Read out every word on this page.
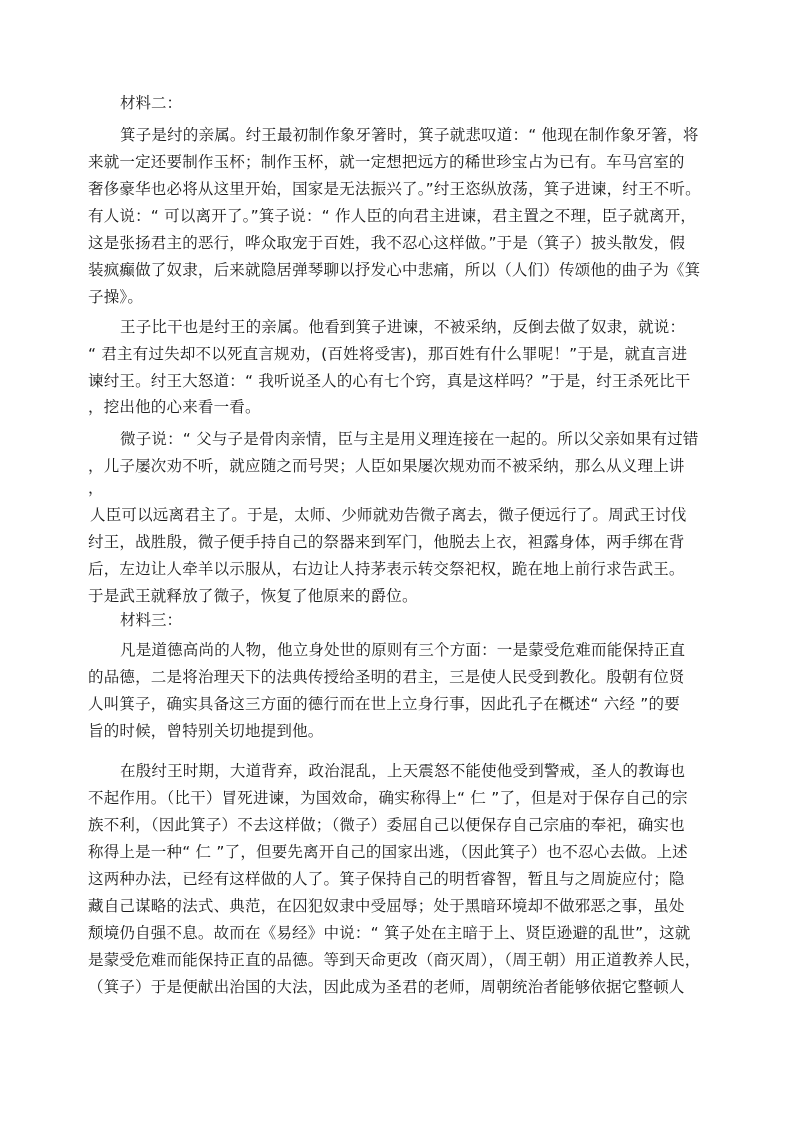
材料二：
箕子是纣的亲属。纣王最初制作象牙箸时，箕子就悲叹道：“ 他现在制作象牙箸，将
来就一定还要制作玉杯；制作玉杯，就一定想把远方的稀世珍宝占为已有。车马宫室的
奢侈豪华也必将从这里开始，国家是无法振兴了。”纣王恣纵放荡，箕子进谏，纣王不听。
有人说：“ 可以离开了。”箕子说：“ 作人臣的向君主进谏，君主置之不理，臣子就离开，
这是张扬君主的恶行，哗众取宠于百姓，我不忍心这样做。”于是（箕子）披头散发，假
装疯癫做了奴隶，后来就隐居弹琴聊以抒发心中悲痛，所以（人们）传颂他的曲子为《箕
子操》。
王子比干也是纣王的亲属。他看到箕子进谏，不被采纳，反倒去做了奴隶，就说：
“ 君主有过失却不以死直言规劝，(百姓将受害)，那百姓有什么罪呢！”于是，就直言进
谏纣王。纣王大怒道：“ 我听说圣人的心有七个窍，真是这样吗？”于是，纣王杀死比干
，挖出他的心来看一看。
微子说：“ 父与子是骨肉亲情，臣与主是用义理连接在一起的。所以父亲如果有过错
，儿子屡次劝不听，就应随之而号哭；人臣如果屡次规劝而不被采纳，那么从义理上讲
，
人臣可以远离君主了。于是，太师、少师就劝告微子离去，微子便远行了。周武王讨伐
纣王，战胜殷，微子便手持自己的祭器来到军门，他脱去上衣，袒露身体，两手绑在背
后，左边让人牵羊以示服从，右边让人持茅表示转交祭祀权，跪在地上前行求告武王。
于是武王就释放了微子，恢复了他原来的爵位。
材料三：
凡是道德高尚的人物，他立身处世的原则有三个方面：一是蒙受危难而能保持正直
的品德，二是将治理天下的法典传授给圣明的君主，三是使人民受到教化。殷朝有位贤
人叫箕子，确实具备这三方面的德行而在世上立身行事，因此孔子在概述“ 六经 ”的要
旨的时候，曾特别关切地提到他。
在殷纣王时期，大道背弃，政治混乱，上天震怒不能使他受到警戒，圣人的教诲也
不起作用。（比干）冒死进谏，为国效命，确实称得上“ 仁 ”了，但是对于保存自己的宗
族不利，（因此箕子）不去这样做；（微子）委屈自己以便保存自己宗庙的奉祀，确实也
称得上是一种“ 仁 ”了，但要先离开自己的国家出逃，（因此箕子）也不忍心去做。上述
这两种办法，已经有这样做的人了。箕子保持自己的明哲睿智，暂且与之周旋应付；隐
藏自己谋略的法式、典范，在囚犯奴隶中受屈辱；处于黑暗环境却不做邪恶之事，虽处
颓境仍自强不息。故而在《易经》中说：“ 箕子处在主暗于上、贤臣逊避的乱世”，这就
是蒙受危难而能保持正直的品德。等到天命更改（商灭周），（周王朝）用正道教养人民，
（箕子）于是便献出治国的大法，因此成为圣君的老师，周朝统治者能够依据它整顿人
